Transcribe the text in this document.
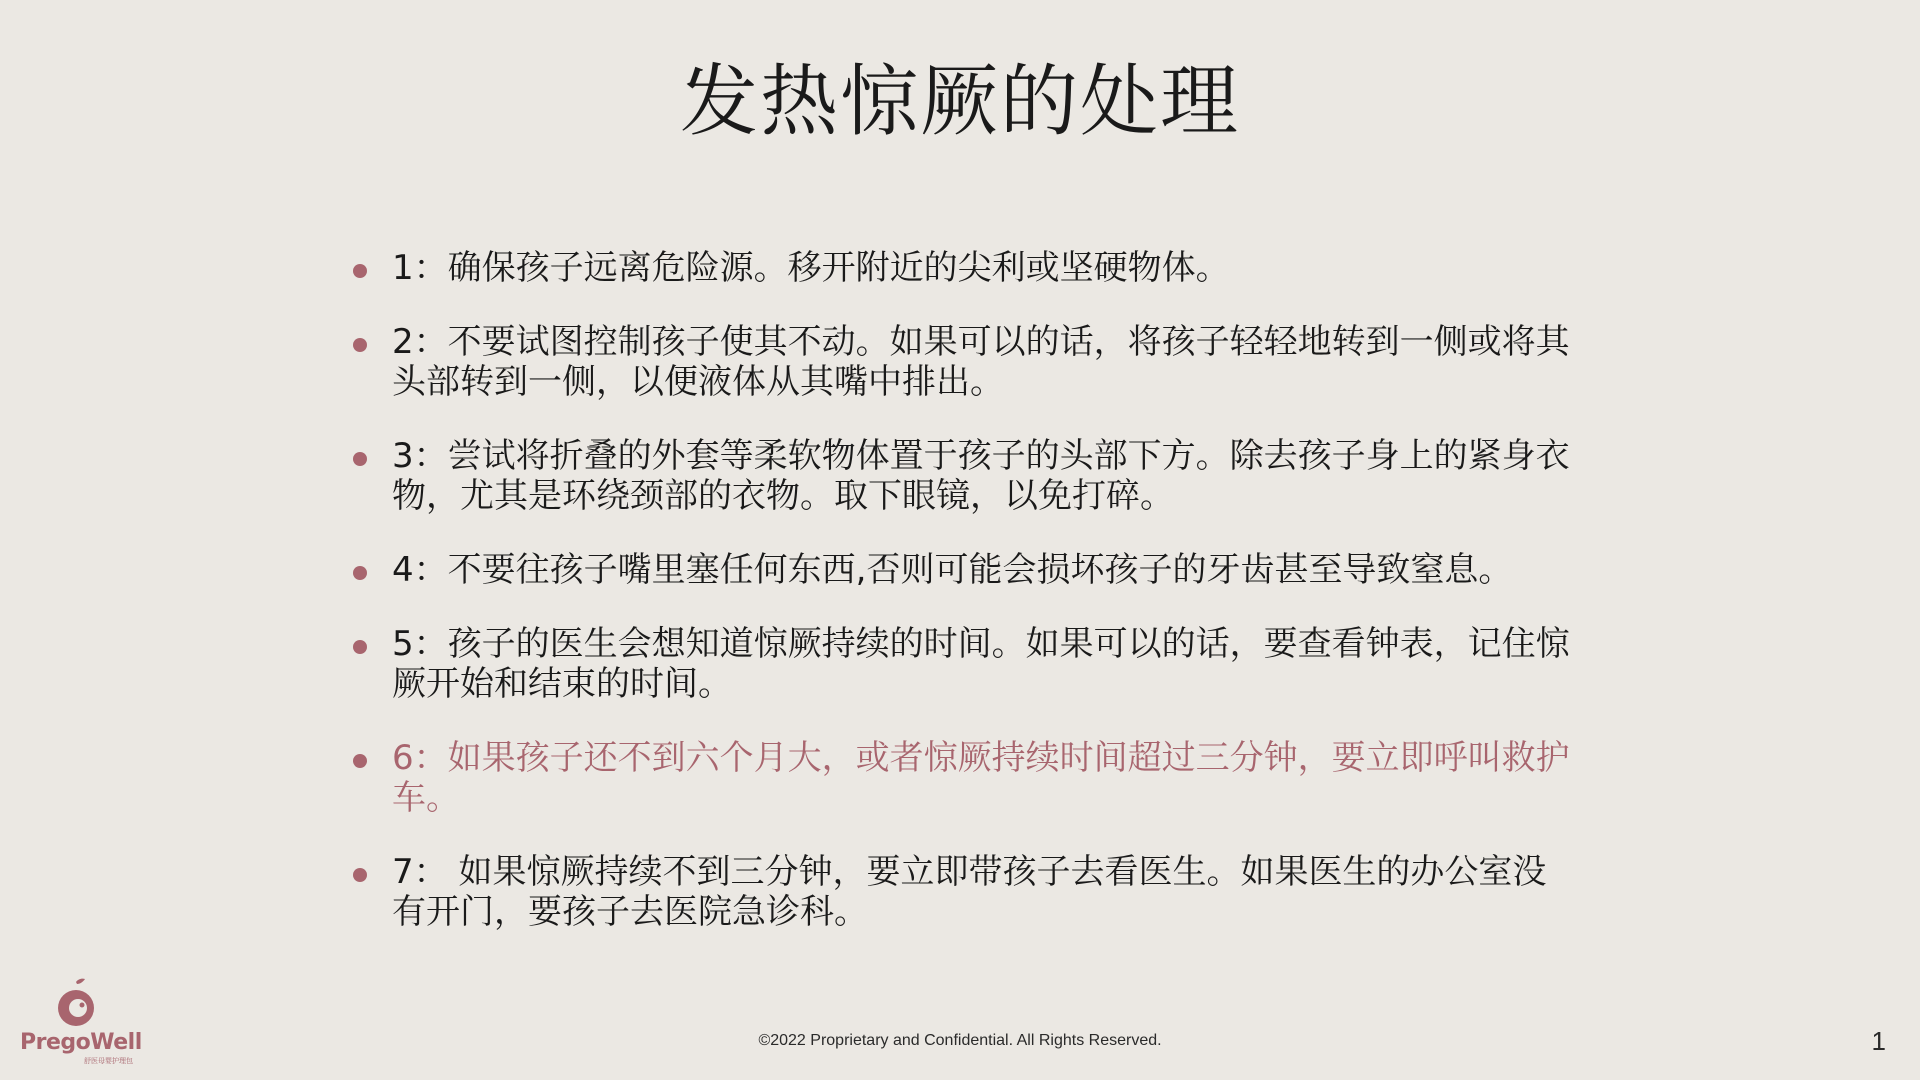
发热惊厥的处理
1：确保孩子远离危险源。移开附近的尖利或坚硬物体。
2：不要试图控制孩子使其不动。如果可以的话，将孩子轻轻地转到一侧或将其头部转到一侧，以便液体从其嘴中排出。
3：尝试将折叠的外套等柔软物体置于孩子的头部下方。除去孩子身上的紧身衣物，尤其是环绕颈部的衣物。取下眼镜，以免打碎。
4：不要往孩子嘴里塞任何东西,否则可能会损坏孩子的牙齿甚至导致窒息。
5：孩子的医生会想知道惊厥持续的时间。如果可以的话，要查看钟表，记住惊厥开始和结束的时间。
6：如果孩子还不到六个月大，或者惊厥持续时间超过三分钟，要立即呼叫救护车。
7： 如果惊厥持续不到三分钟，要立即带孩子去看医生。如果医生的办公室没有开门，要孩子去医院急诊科。
PregoWell
舒医母婴护理包
©2022 Proprietary and Confidential. All Rights Reserved.	1
